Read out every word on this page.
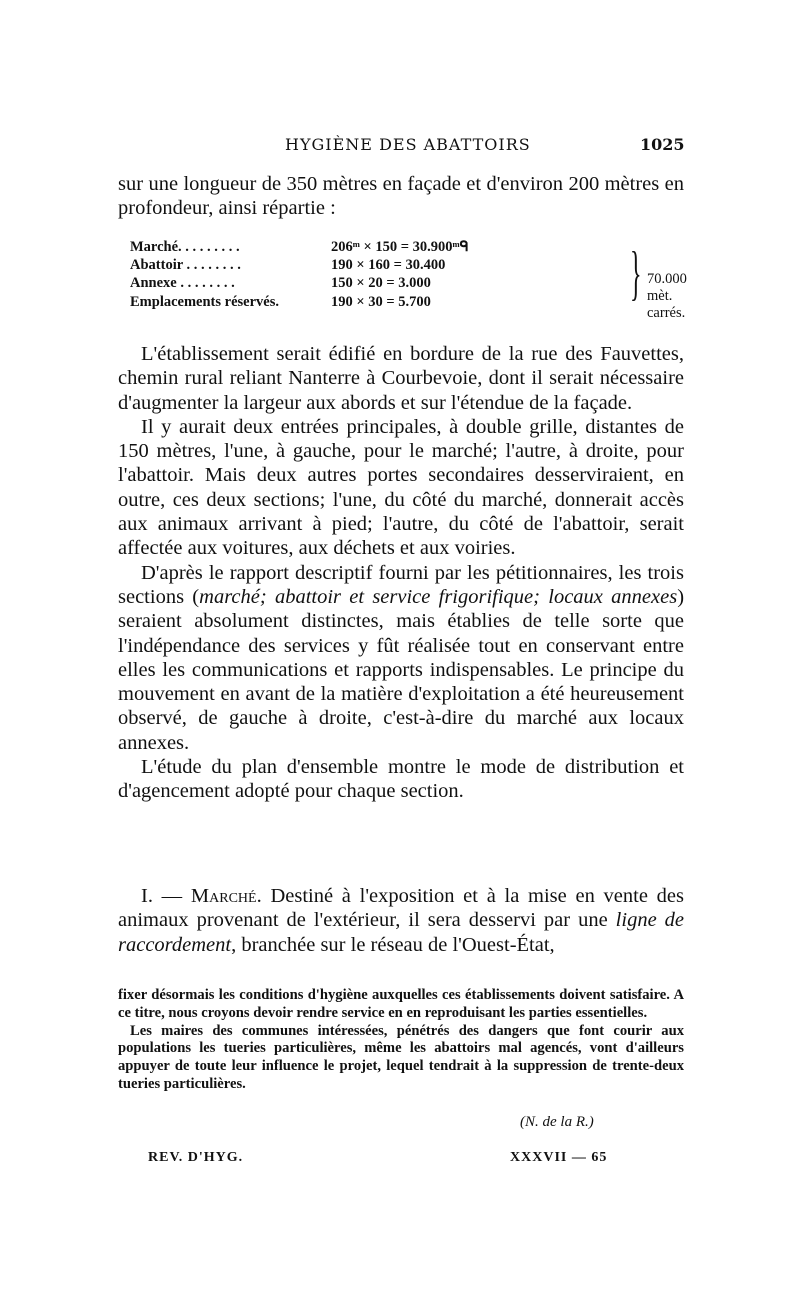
HYGIÈNE DES ABATTOIRS	1025

sur une longueur de 350 mètres en façade et d'environ 200 mètres en profondeur, ainsi répartie :

Marché. . . . . . . . .	206ᵐ × 150 = 30.900ᵐᑫ
Abattoir . . . . . . . .	190 × 160 = 30.400
Annexe . . . . . . . .	150 × 20 = 3.000
Emplacements réservés.	190 × 30 = 5.700	} 70.000 mèt. carrés.

L'établissement serait édifié en bordure de la rue des Fauvettes, chemin rural reliant Nanterre à Courbevoie, dont il serait nécessaire d'augmenter la largeur aux abords et sur l'étendue de la façade.

Il y aurait deux entrées principales, à double grille, distantes de 150 mètres, l'une, à gauche, pour le marché; l'autre, à droite, pour l'abattoir. Mais deux autres portes secondaires desserviraient, en outre, ces deux sections; l'une, du côté du marché, donnerait accès aux animaux arrivant à pied; l'autre, du côté de l'abattoir, serait affectée aux voitures, aux déchets et aux voiries.

D'après le rapport descriptif fourni par les pétitionnaires, les trois sections (marché; abattoir et service frigorifique; locaux annexes) seraient absolument distinctes, mais établies de telle sorte que l'indépendance des services y fût réalisée tout en conservant entre elles les communications et rapports indispensables. Le principe du mouvement en avant de la matière d'exploitation a été heureusement observé, de gauche à droite, c'est-à-dire du marché aux locaux annexes.

L'étude du plan d'ensemble montre le mode de distribution et d'agencement adopté pour chaque section.

I. — Marché. Destiné à l'exposition et à la mise en vente des animaux provenant de l'extérieur, il sera desservi par une ligne de raccordement, branchée sur le réseau de l'Ouest-État,

fixer désormais les conditions d'hygiène auxquelles ces établissements doivent satisfaire. A ce titre, nous croyons devoir rendre service en en reproduisant les parties essentielles.

Les maires des communes intéressées, pénétrés des dangers que font courir aux populations les tueries particulières, même les abattoirs mal agencés, vont d'ailleurs appuyer de toute leur influence le projet, lequel tendrait à la suppression de trente-deux tueries particulières.

(N. de la R.)
REV. D'HYG.	XXXVII — 65
